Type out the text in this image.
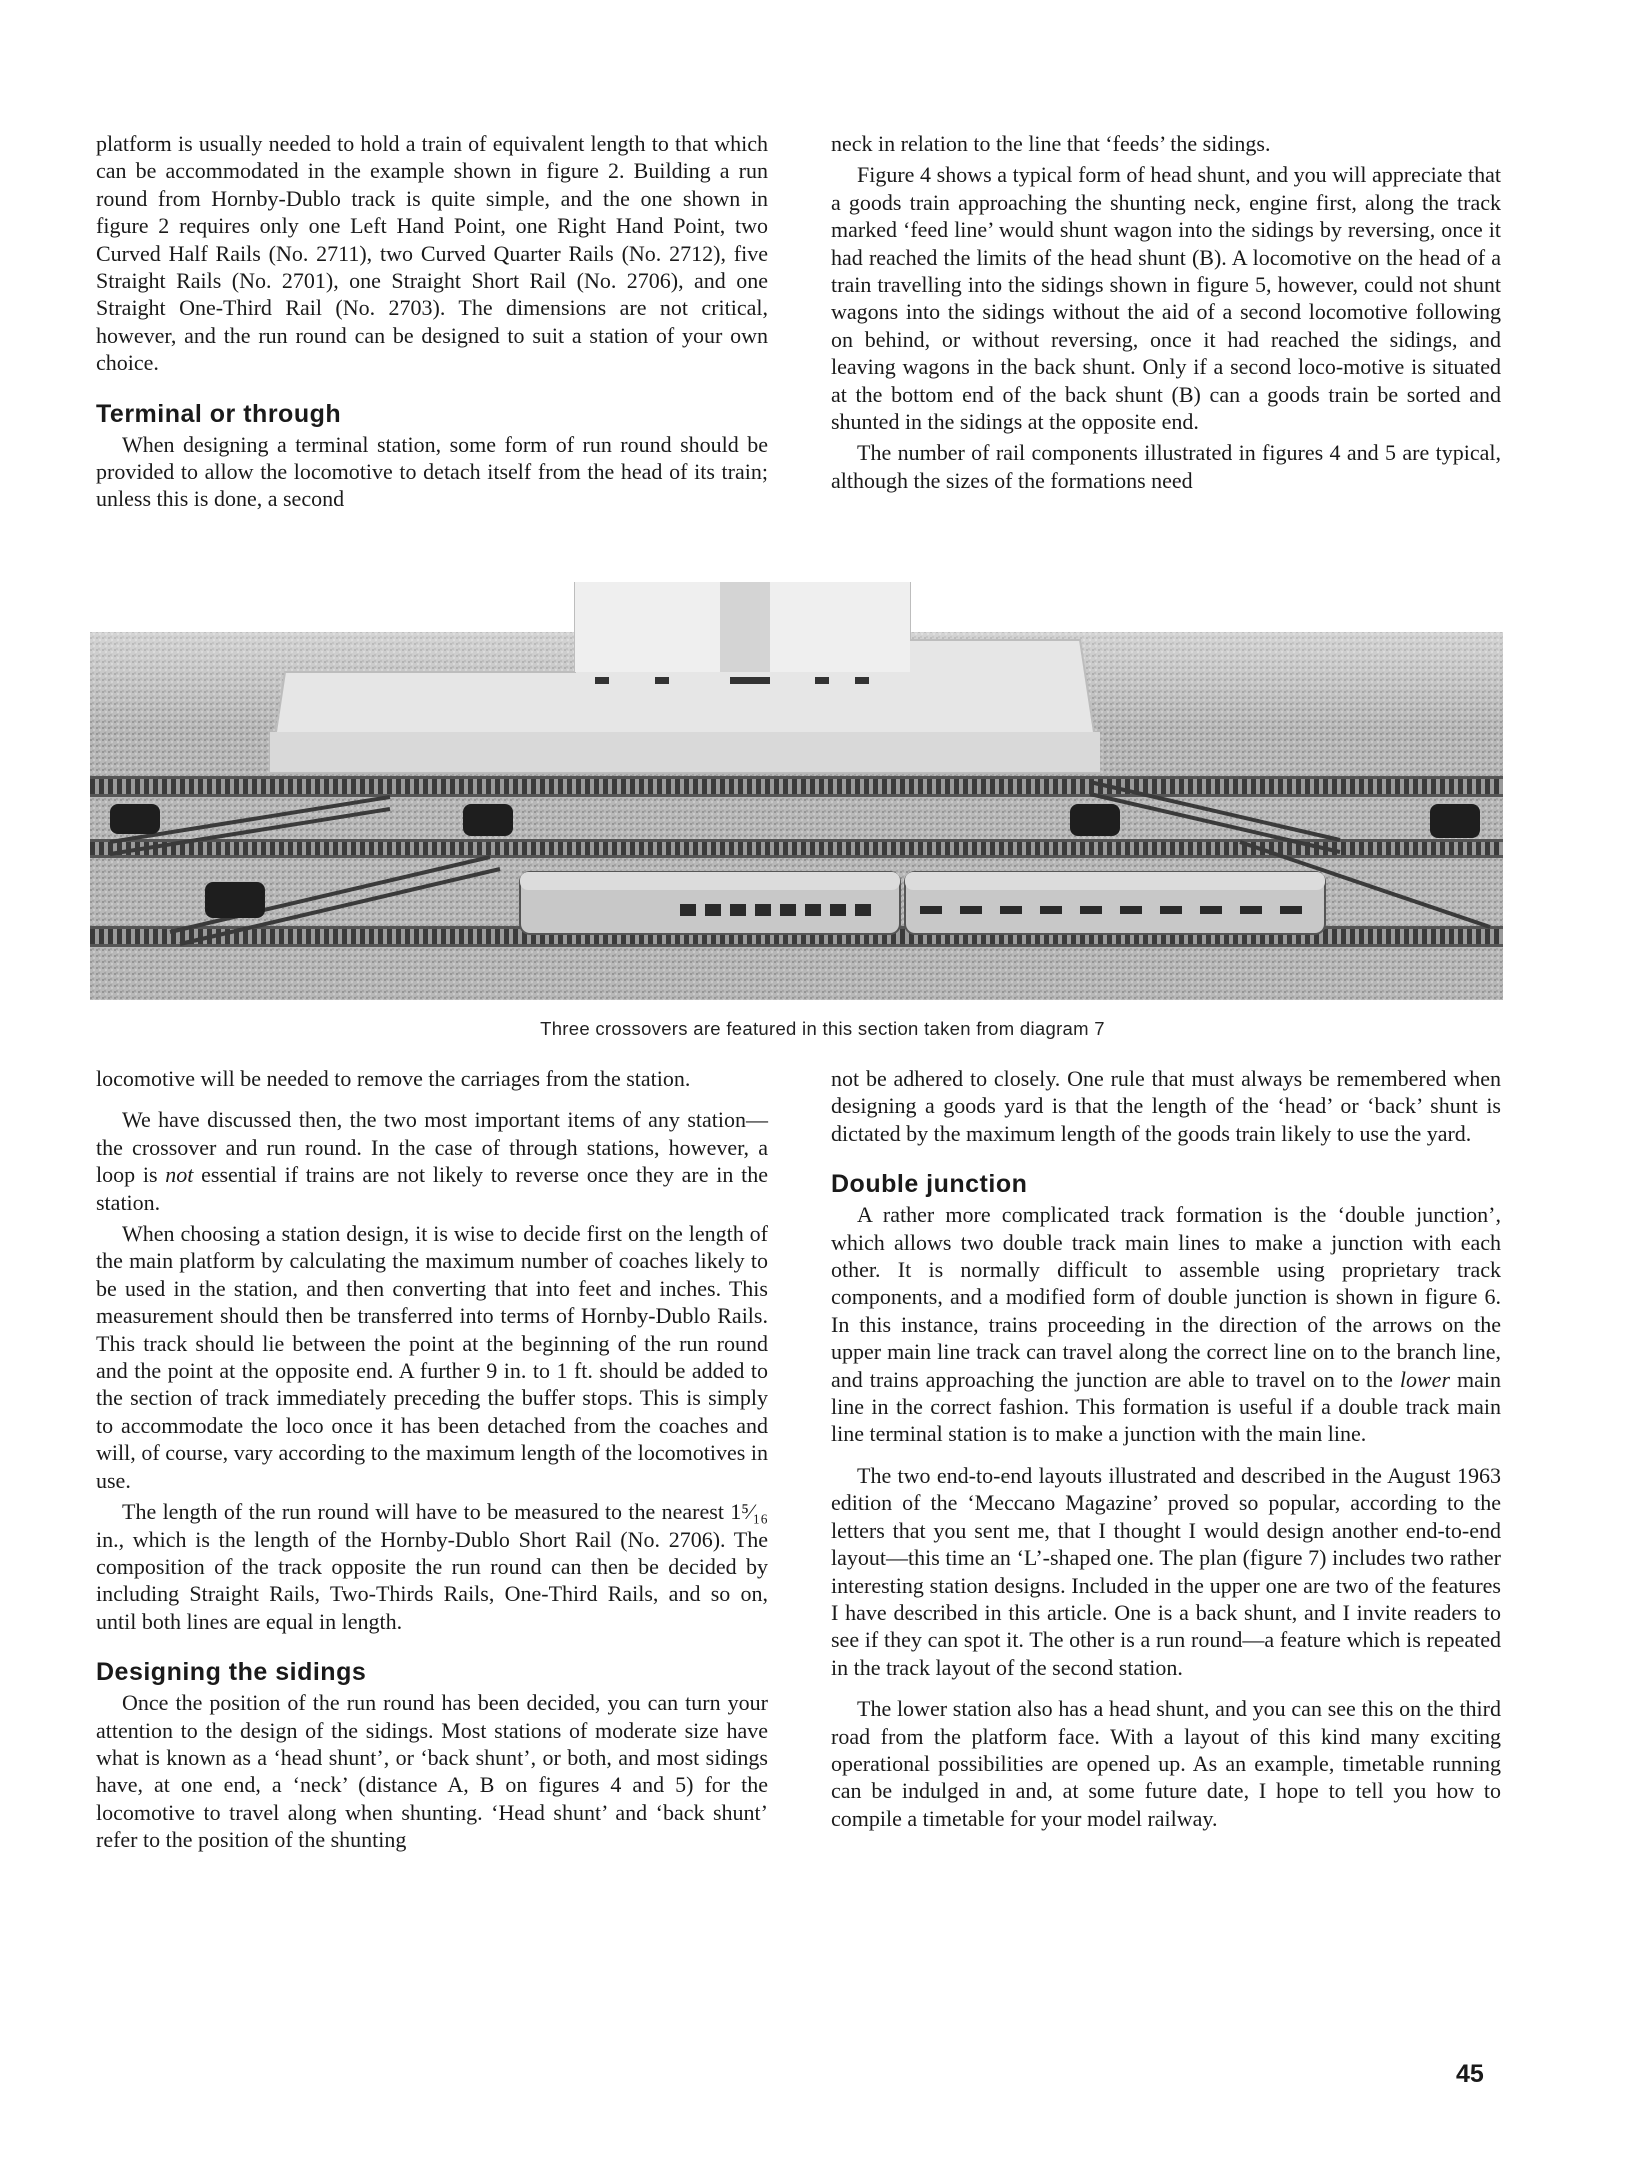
platform is usually needed to hold a train of equivalent length to that which can be accommodated in the example shown in figure 2. Building a run round from Hornby-Dublo track is quite simple, and the one shown in figure 2 requires only one Left Hand Point, one Right Hand Point, two Curved Half Rails (No. 2711), two Curved Quarter Rails (No. 2712), five Straight Rails (No. 2701), one Straight Short Rail (No. 2706), and one Straight One-Third Rail (No. 2703). The dimensions are not critical, however, and the run round can be designed to suit a station of your own choice.

Terminal or through

When designing a terminal station, some form of run round should be provided to allow the locomotive to detach itself from the head of its train; unless this is done, a second

neck in relation to the line that ‘feeds’ the sidings.

Figure 4 shows a typical form of head shunt, and you will appreciate that a goods train approaching the shunting neck, engine first, along the track marked ‘feed line’ would shunt wagon into the sidings by reversing, once it had reached the limits of the head shunt (B). A locomotive on the head of a train travelling into the sidings shown in figure 5, however, could not shunt wagons into the sidings without the aid of a second locomotive following on behind, or without reversing, once it had reached the sidings, and leaving wagons in the back shunt. Only if a second loco-motive is situated at the bottom end of the back shunt (B) can a goods train be sorted and shunted in the sidings at the opposite end.

The number of rail components illustrated in figures 4 and 5 are typical, although the sizes of the formations need

Three crossovers are featured in this section taken from diagram 7

locomotive will be needed to remove the carriages from the station.

We have discussed then, the two most important items of any station—the crossover and run round. In the case of through stations, however, a loop is not essential if trains are not likely to reverse once they are in the station.

When choosing a station design, it is wise to decide first on the length of the main platform by calculating the maximum number of coaches likely to be used in the station, and then converting that into feet and inches. This measurement should then be transferred into terms of Hornby-Dublo Rails. This track should lie between the point at the beginning of the run round and the point at the opposite end. A further 9 in. to 1 ft. should be added to the section of track immediately preceding the buffer stops. This is simply to accommodate the loco once it has been detached from the coaches and will, of course, vary according to the maximum length of the locomotives in use.

The length of the run round will have to be measured to the nearest 1⁵⁄₁₆ in., which is the length of the Hornby-Dublo Short Rail (No. 2706). The composition of the track opposite the run round can then be decided by including Straight Rails, Two-Thirds Rails, One-Third Rails, and so on, until both lines are equal in length.

Designing the sidings

Once the position of the run round has been decided, you can turn your attention to the design of the sidings. Most stations of moderate size have what is known as a ‘head shunt’, or ‘back shunt’, or both, and most sidings have, at one end, a ‘neck’ (distance A, B on figures 4 and 5) for the locomotive to travel along when shunting. ‘Head shunt’ and ‘back shunt’ refer to the position of the shunting

not be adhered to closely. One rule that must always be remembered when designing a goods yard is that the length of the ‘head’ or ‘back’ shunt is dictated by the maximum length of the goods train likely to use the yard.

Double junction

A rather more complicated track formation is the ‘double junction’, which allows two double track main lines to make a junction with each other. It is normally difficult to assemble using proprietary track components, and a modified form of double junction is shown in figure 6. In this instance, trains proceeding in the direction of the arrows on the upper main line track can travel along the correct line on to the branch line, and trains approaching the junction are able to travel on to the lower main line in the correct fashion. This formation is useful if a double track main line terminal station is to make a junction with the main line.

The two end-to-end layouts illustrated and described in the August 1963 edition of the ‘Meccano Magazine’ proved so popular, according to the letters that you sent me, that I thought I would design another end-to-end layout—this time an ‘L’-shaped one. The plan (figure 7) includes two rather interesting station designs. Included in the upper one are two of the features I have described in this article. One is a back shunt, and I invite readers to see if they can spot it. The other is a run round—a feature which is repeated in the track layout of the second station.

The lower station also has a head shunt, and you can see this on the third road from the platform face. With a layout of this kind many exciting operational possibilities are opened up. As an example, timetable running can be indulged in and, at some future date, I hope to tell you how to compile a timetable for your model railway.

45
